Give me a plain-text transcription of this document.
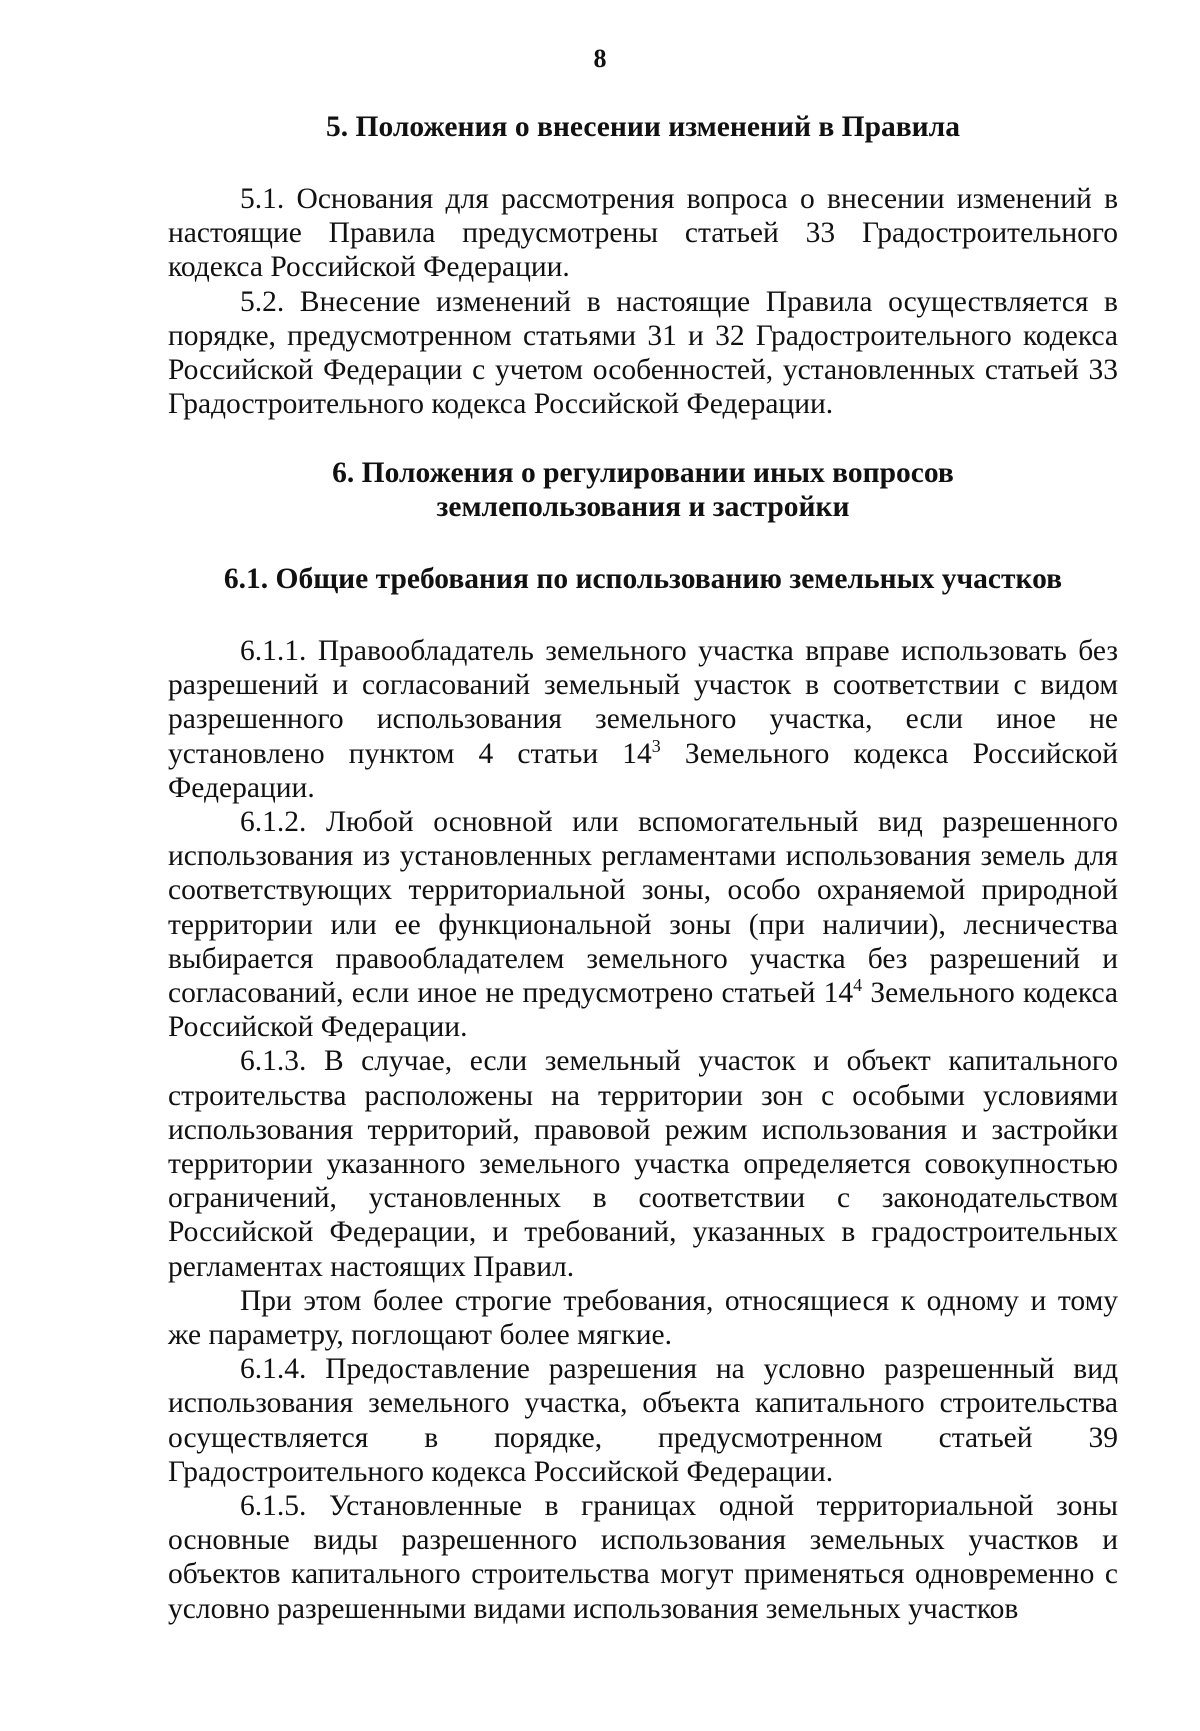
8

5. Положения о внесении изменений в Правила

5.1. Основания для рассмотрения вопроса о внесении изменений в настоящие Правила предусмотрены статьей 33 Градостроительного кодекса Российской Федерации.

5.2. Внесение изменений в настоящие Правила осуществляется в порядке, предусмотренном статьями 31 и 32 Градостроительного кодекса Российской Федерации с учетом особенностей, установленных статьей 33 Градостроительного кодекса Российской Федерации.

6. Положения о регулировании иных вопросов

землепользования и застройки

6.1. Общие требования по использованию земельных участков

6.1.1. Правообладатель земельного участка вправе использовать без разрешений и согласований земельный участок в соответствии с видом разрешенного использования земельного участка, если иное не установлено пунктом 4 статьи $14^3$ Земельного кодекса Российской Федерации.

6.1.2. Любой основной или вспомогательный вид разрешенного использования из установленных регламентами использования земель для соответствующих территориальной зоны, особо охраняемой природной территории или ее функциональной зоны (при наличии), лесничества выбирается правообладателем земельного участка без разрешений и согласований, если иное не предусмотрено статьей $14^4$ Земельного кодекса Российской Федерации.

6.1.3. В случае, если земельный участок и объект капитального строительства расположены на территории зон с особыми условиями использования территорий, правовой режим использования и застройки территории указанного земельного участка определяется совокупностью ограничений, установленных в соответствии с законодательством Российской Федерации, и требований, указанных в градостроительных регламентах настоящих Правил.

При этом более строгие требования, относящиеся к одному и тому же параметру, поглощают более мягкие.

6.1.4. Предоставление разрешения на условно разрешенный вид использования земельного участка, объекта капитального строительства осуществляется в порядке, предусмотренном статьей 39 Градостроительного кодекса Российской Федерации.

6.1.5. Установленные в границах одной территориальной зоны основные виды разрешенного использования земельных участков и объектов капитального строительства могут применяться одновременно с условно разрешенными видами использования земельных участков
